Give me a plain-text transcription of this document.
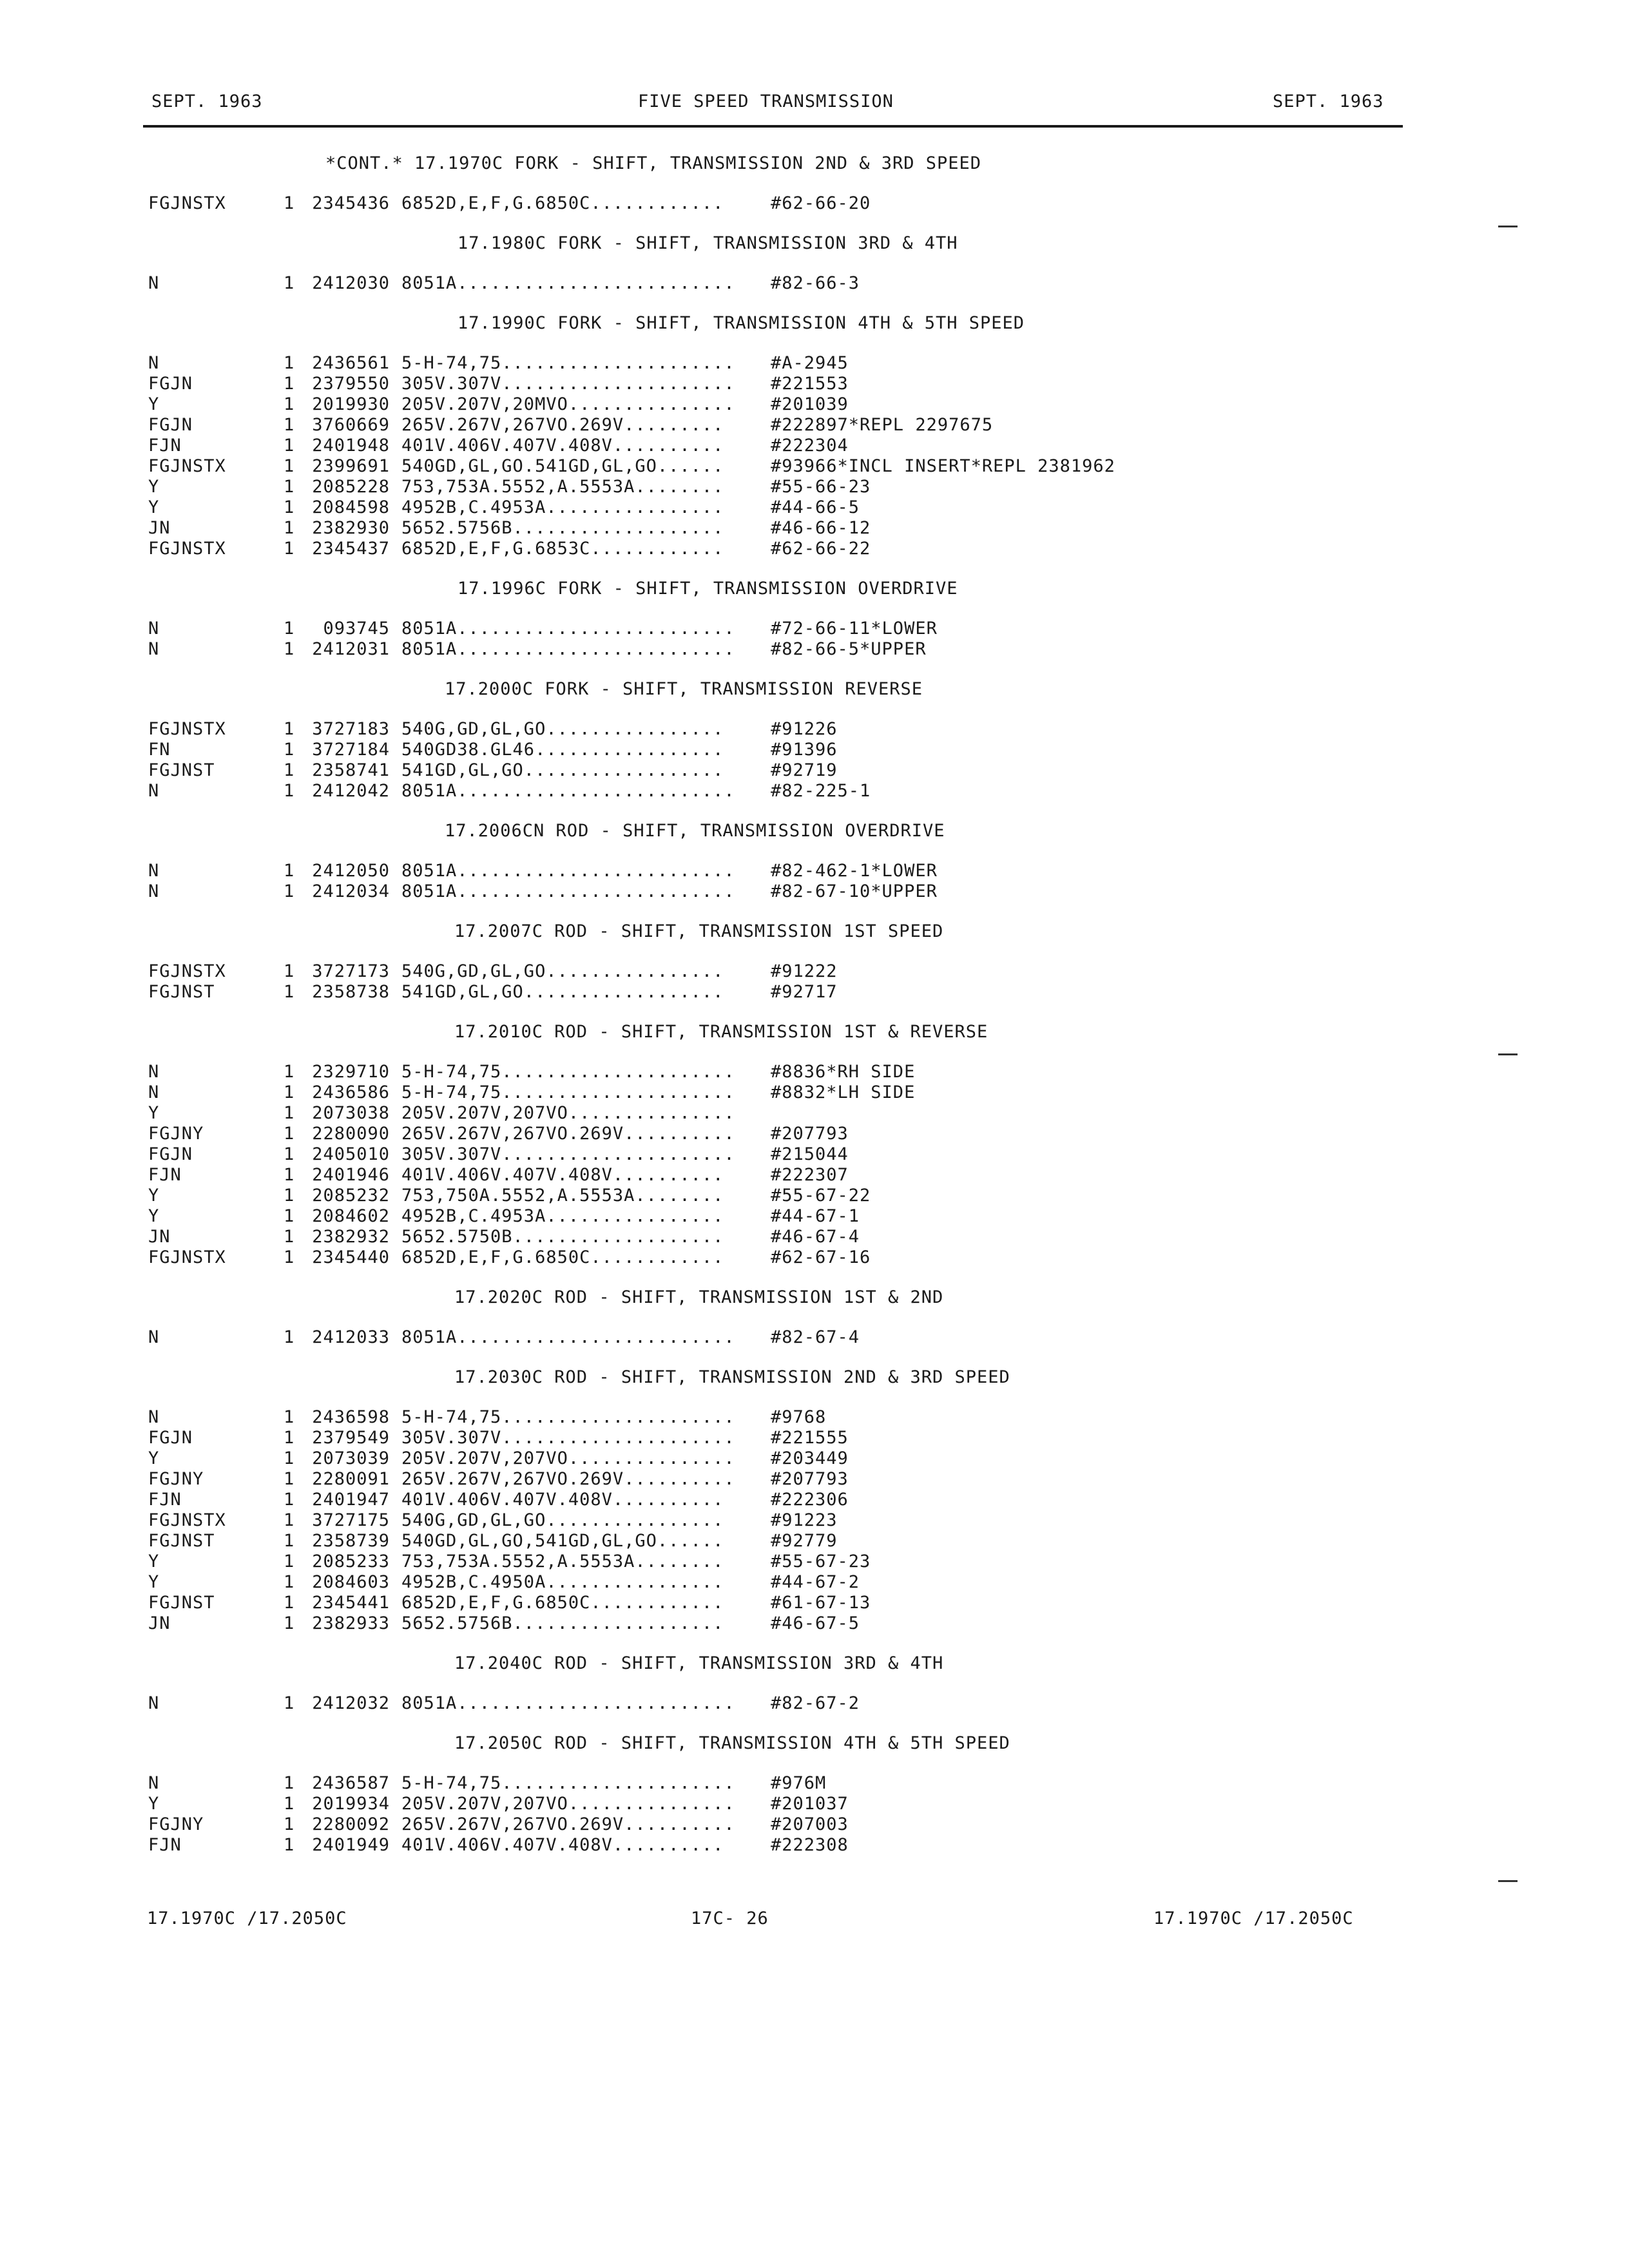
SEPT. 1963	FIVE SPEED TRANSMISSION	SEPT. 1963
*CONT.* 17.1970C FORK - SHIFT, TRANSMISSION 2ND & 3RD SPEED
FGJNSTX	1 2345436 6852D,E,F,G.6850C............	#62-66-20
17.1980C FORK - SHIFT, TRANSMISSION 3RD & 4TH
N	1 2412030 8051A......................... #82-66-3
17.1990C FORK - SHIFT, TRANSMISSION 4TH & 5TH SPEED
N	1 2436561 5-H-74,75..................... #A-2945
FGJN	1 2379550 305V.307V..................... #221553
Y	1 2019930 205V.207V,20MVO............... #201039
FGJN	1 3760669 265V.267V,267VO.269V.........	#222897*REPL 2297675
FJN	1 2401948 401V.406V.407V.408V..........	#222304
FGJNSTX	1 2399691 540GD,GL,GO.541GD,GL,GO......	#93966*INCL INSERT*REPL 2381962
Y	1 2085228 753,753A.5552,A.5553A........	#55-66-23
Y	1 2084598 4952B,C.4953A................	#44-66-5
JN	1 2382930 5652.5756B...................	#46-66-12
FGJNSTX	1 2345437 6852D,E,F,G.6853C............	#62-66-22
17.1996C FORK - SHIFT, TRANSMISSION OVERDRIVE
N	1	093745 8051A......................... #72-66-11*LOWER
N	1 2412031 8051A......................... #82-66-5*UPPER
17.2000C FORK - SHIFT, TRANSMISSION REVERSE
FGJNSTX	1 3727183 540G,GD,GL,GO................	#91226
FN	1 3727184 540GD38.GL46.................	#91396
FGJNST	1 2358741 541GD,GL,GO..................	#92719
N	1 2412042 8051A......................... #82-225-1
17.2006CN ROD - SHIFT, TRANSMISSION OVERDRIVE
N	1 2412050 8051A......................... #82-462-1*LOWER
N	1 2412034 8051A......................... #82-67-10*UPPER
17.2007C ROD - SHIFT, TRANSMISSION 1ST SPEED
FGJNSTX	1 3727173 540G,GD,GL,GO................	#91222
FGJNST	1 2358738 541GD,GL,GO..................	#92717
17.2010C ROD - SHIFT, TRANSMISSION 1ST & REVERSE
N	1 2329710 5-H-74,75..................... #8836*RH SIDE
N	1 2436586 5-H-74,75..................... #8832*LH SIDE
Y	1 2073038 205V.207V,207VO...............
FGJNY	1 2280090 265V.267V,267VO.269V.......... #207793
FGJN	1 2405010 305V.307V..................... #215044
FJN	1 2401946 401V.406V.407V.408V..........	#222307
Y	1 2085232 753,750A.5552,A.5553A........	#55-67-22
Y	1 2084602 4952B,C.4953A................	#44-67-1
JN	1 2382932 5652.5750B...................	#46-67-4
FGJNSTX	1 2345440 6852D,E,F,G.6850C............	#62-67-16
17.2020C ROD - SHIFT, TRANSMISSION 1ST & 2ND
N	1 2412033 8051A......................... #82-67-4
17.2030C ROD - SHIFT, TRANSMISSION 2ND & 3RD SPEED
N	1 2436598 5-H-74,75..................... #9768
FGJN	1 2379549 305V.307V..................... #221555
Y	1 2073039 205V.207V,207VO............... #203449
FGJNY	1 2280091 265V.267V,267VO.269V.......... #207793
FJN	1 2401947 401V.406V.407V.408V..........	#222306
FGJNSTX	1 3727175 540G,GD,GL,GO................	#91223
FGJNST	1 2358739 540GD,GL,GO,541GD,GL,GO......	#92779
Y	1 2085233 753,753A.5552,A.5553A........	#55-67-23
Y	1 2084603 4952B,C.4950A................	#44-67-2
FGJNST	1 2345441 6852D,E,F,G.6850C............	#61-67-13
JN	1 2382933 5652.5756B...................	#46-67-5
17.2040C ROD - SHIFT, TRANSMISSION 3RD & 4TH
N	1 2412032 8051A......................... #82-67-2
17.2050C ROD - SHIFT, TRANSMISSION 4TH & 5TH SPEED
N	1 2436587 5-H-74,75..................... #976M
Y	1 2019934 205V.207V,207VO............... #201037
FGJNY	1 2280092 265V.267V,267VO.269V.......... #207003
FJN	1 2401949 401V.406V.407V.408V..........	#222308
17.1970C /17.2050C	17C- 26	17.1970C /17.2050C
